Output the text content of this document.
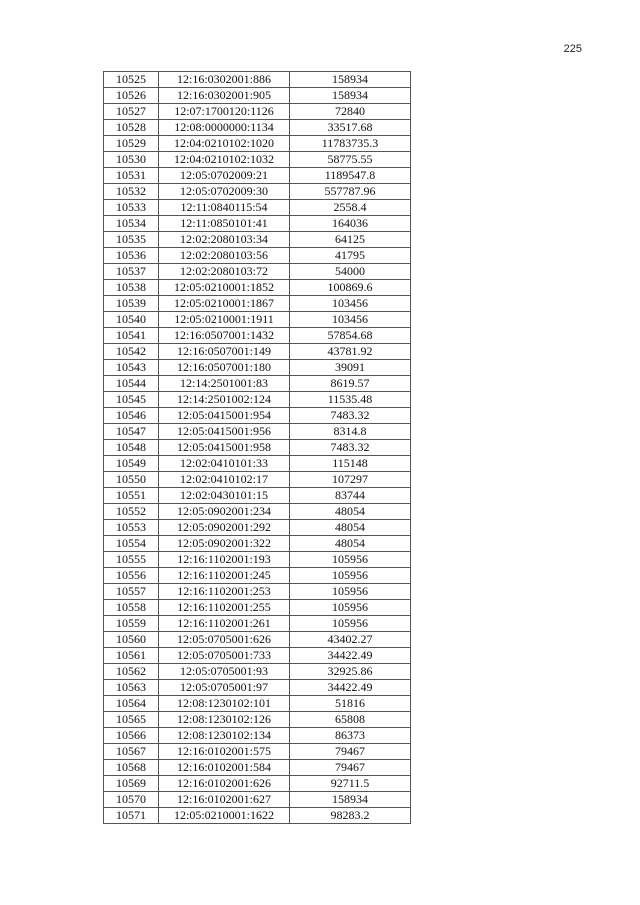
225
10525	12:16:0302001:886	158934
10526	12:16:0302001:905	158934
10527	12:07:1700120:1126	72840
10528	12:08:0000000:1134	33517.68
10529	12:04:0210102:1020	11783735.3
10530	12:04:0210102:1032	58775.55
10531	12:05:0702009:21	1189547.8
10532	12:05:0702009:30	557787.96
10533	12:11:0840115:54	2558.4
10534	12:11:0850101:41	164036
10535	12:02:2080103:34	64125
10536	12:02:2080103:56	41795
10537	12:02:2080103:72	54000
10538	12:05:0210001:1852	100869.6
10539	12:05:0210001:1867	103456
10540	12:05:0210001:1911	103456
10541	12:16:0507001:1432	57854.68
10542	12:16:0507001:149	43781.92
10543	12:16:0507001:180	39091
10544	12:14:2501001:83	8619.57
10545	12:14:2501002:124	11535.48
10546	12:05:0415001:954	7483.32
10547	12:05:0415001:956	8314.8
10548	12:05:0415001:958	7483.32
10549	12:02:0410101:33	115148
10550	12:02:0410102:17	107297
10551	12:02:0430101:15	83744
10552	12:05:0902001:234	48054
10553	12:05:0902001:292	48054
10554	12:05:0902001:322	48054
10555	12:16:1102001:193	105956
10556	12:16:1102001:245	105956
10557	12:16:1102001:253	105956
10558	12:16:1102001:255	105956
10559	12:16:1102001:261	105956
10560	12:05:0705001:626	43402.27
10561	12:05:0705001:733	34422.49
10562	12:05:0705001:93	32925.86
10563	12:05:0705001:97	34422.49
10564	12:08:1230102:101	51816
10565	12:08:1230102:126	65808
10566	12:08:1230102:134	86373
10567	12:16:0102001:575	79467
10568	12:16:0102001:584	79467
10569	12:16:0102001:626	92711.5
10570	12:16:0102001:627	158934
10571	12:05:0210001:1622	98283.2
